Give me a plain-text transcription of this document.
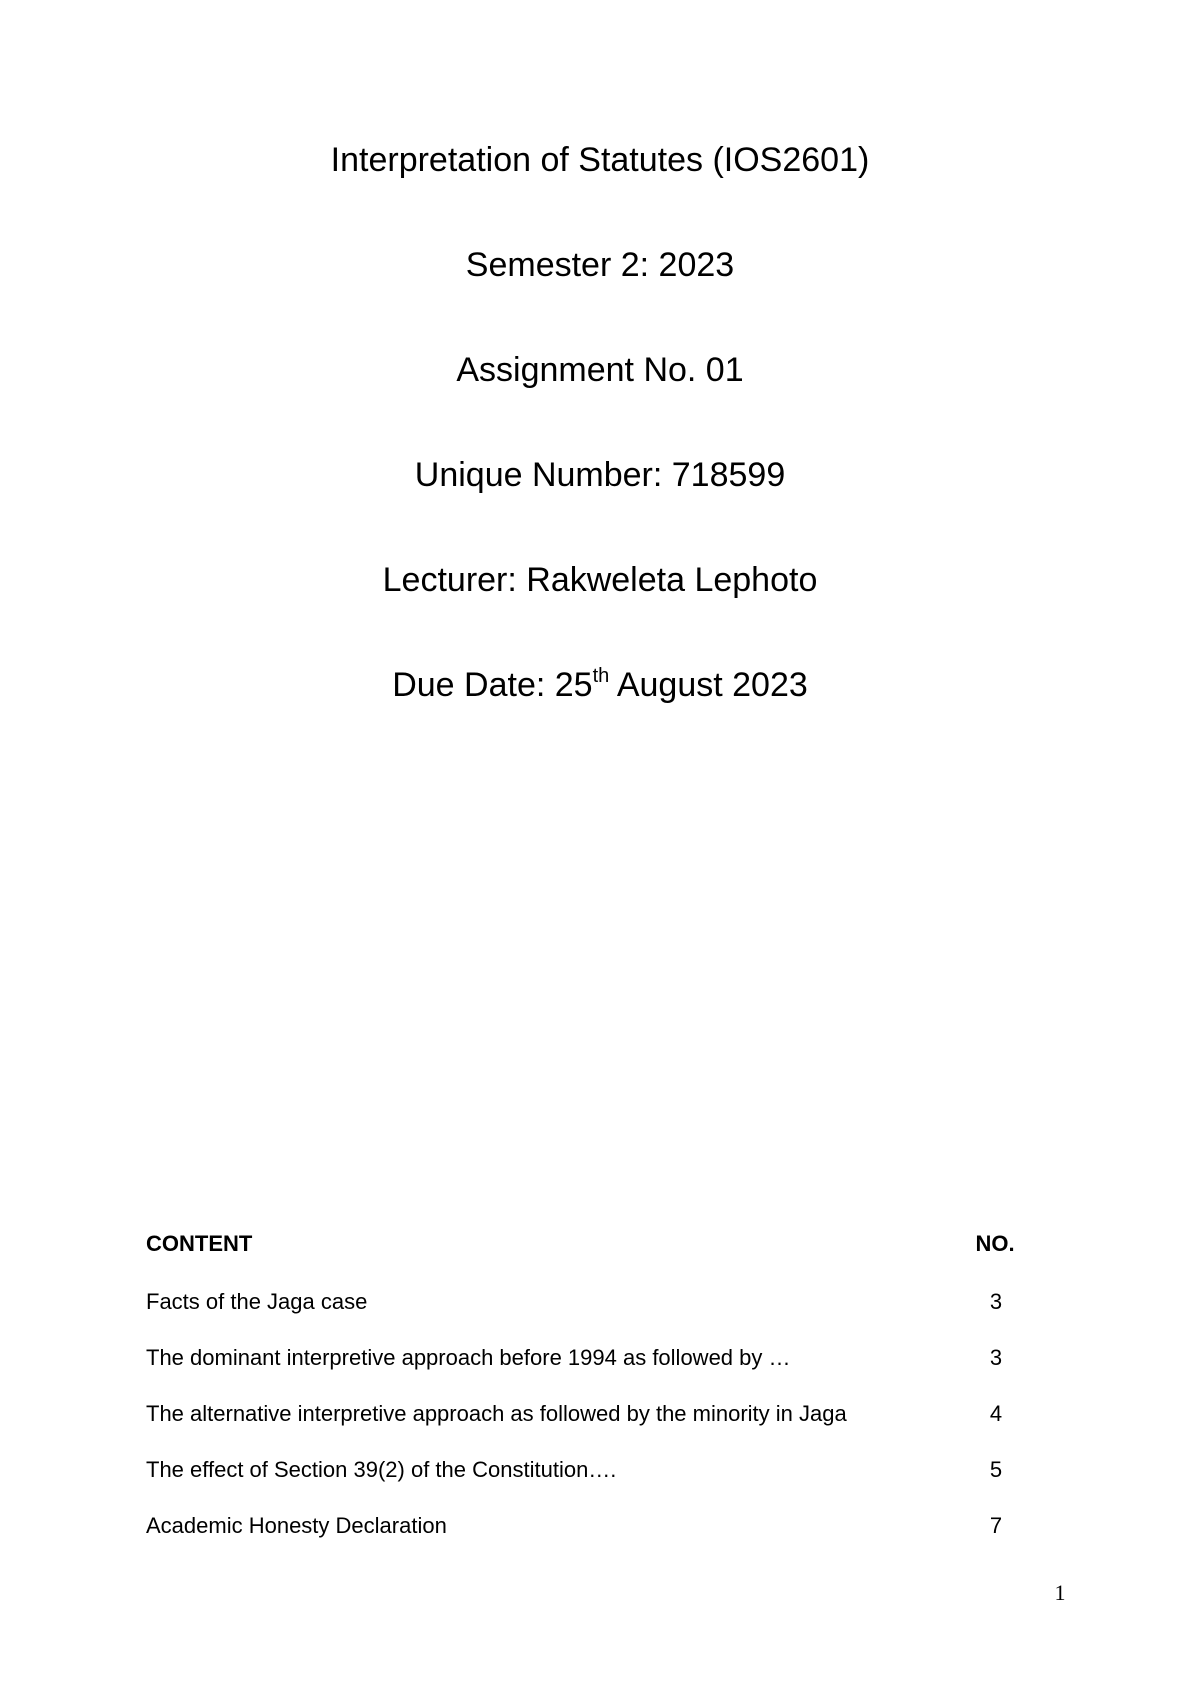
Interpretation of Statutes (IOS2601)
Semester 2: 2023
Assignment No. 01
Unique Number: 718599
Lecturer: Rakweleta Lephoto
Due Date: 25th August 2023
CONTENT	NO.
Facts of the Jaga case	3
The dominant interpretive approach before 1994 as followed by …	3
The alternative interpretive approach as followed by the minority in Jaga	4
The effect of Section 39(2) of the Constitution….	5
Academic Honesty Declaration	7
1
